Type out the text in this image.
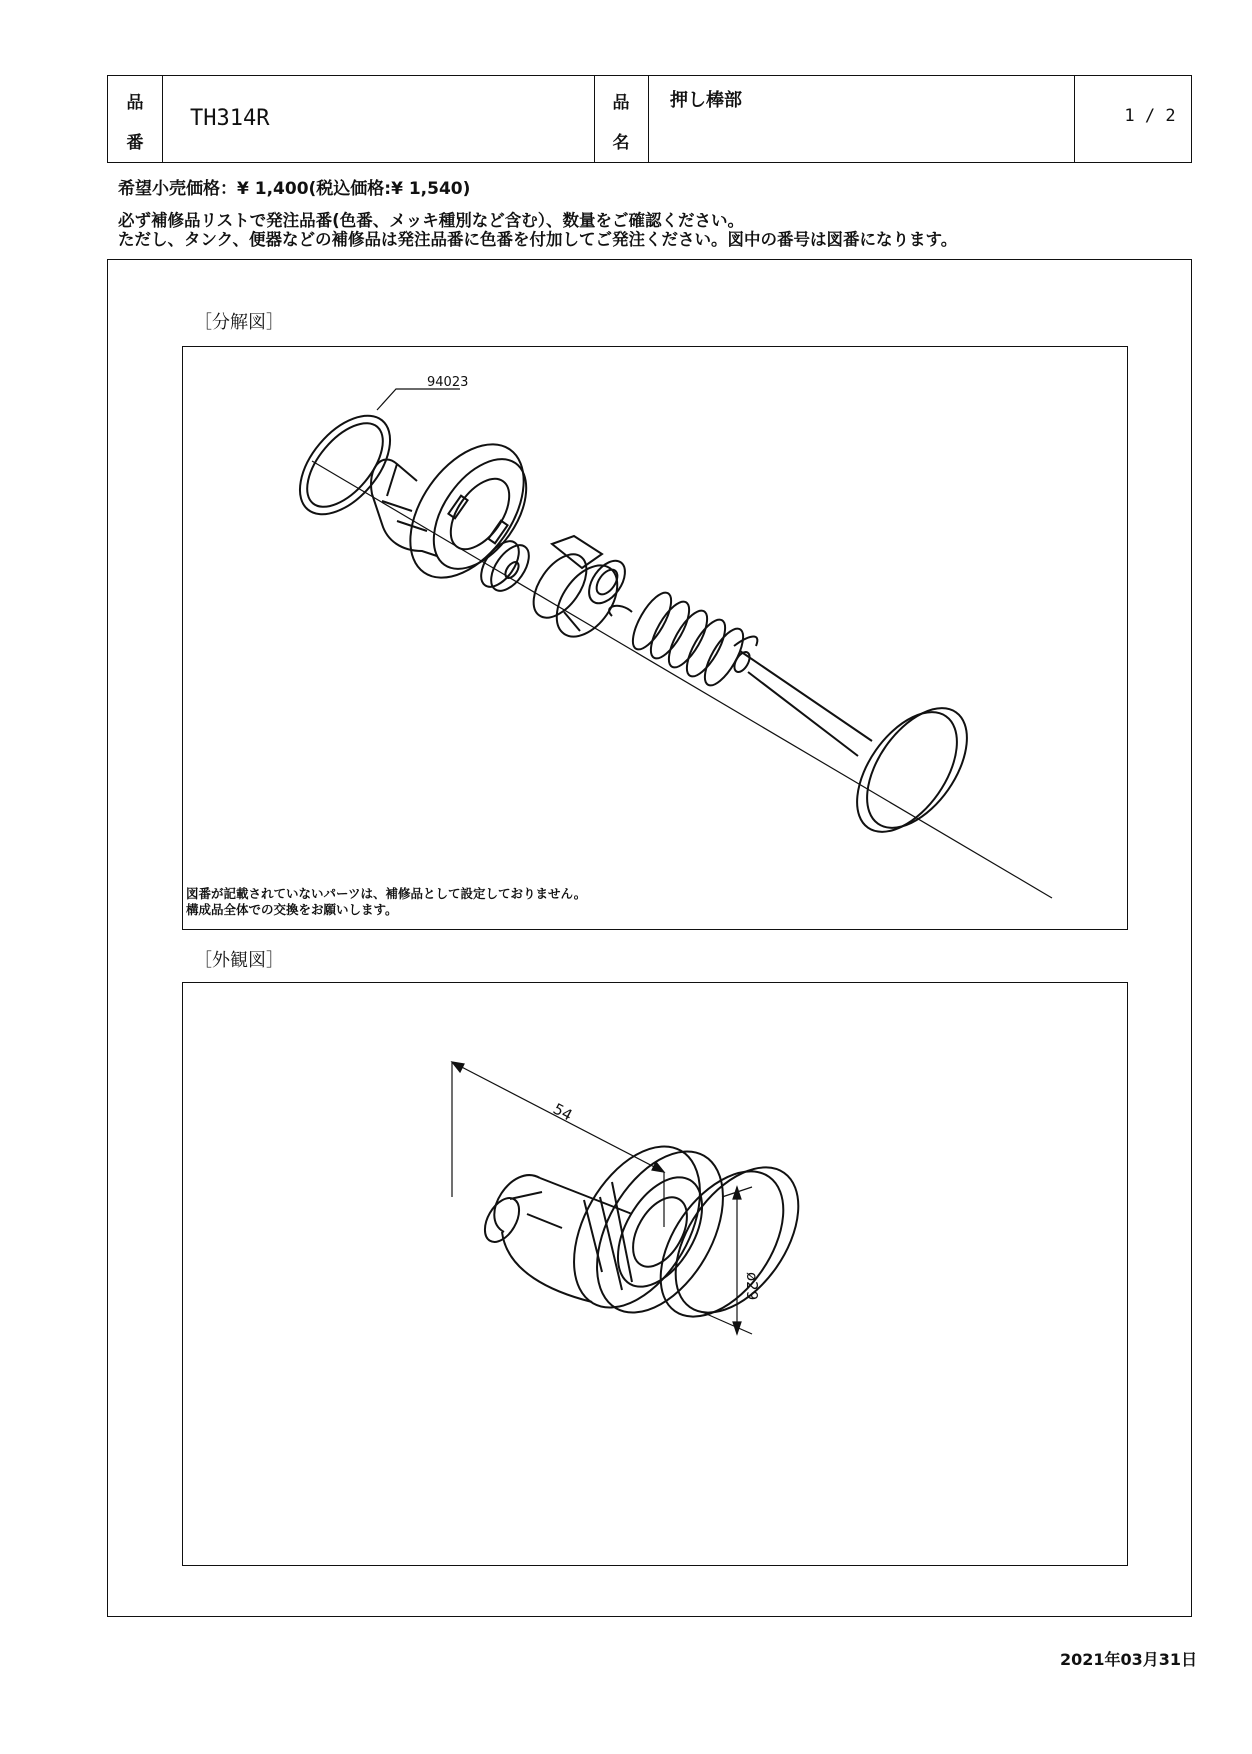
品
番
TH314R
品
名
押し棒部
1 / 2
希望小売価格：¥ 1,400(税込価格:¥ 1,540)
必ず補修品リストで発注品番(色番、メッキ種別など含む）、数量をご確認ください。
ただし、タンク、便器などの補修品は発注品番に色番を付加してご発注ください。図中の番号は図番になります。
［分解図］
94023
図番が記載されていないパーツは、補修品として設定しておりません。
構成品全体での交換をお願いします。
［外観図］
54
ø29
2021年03月31日
